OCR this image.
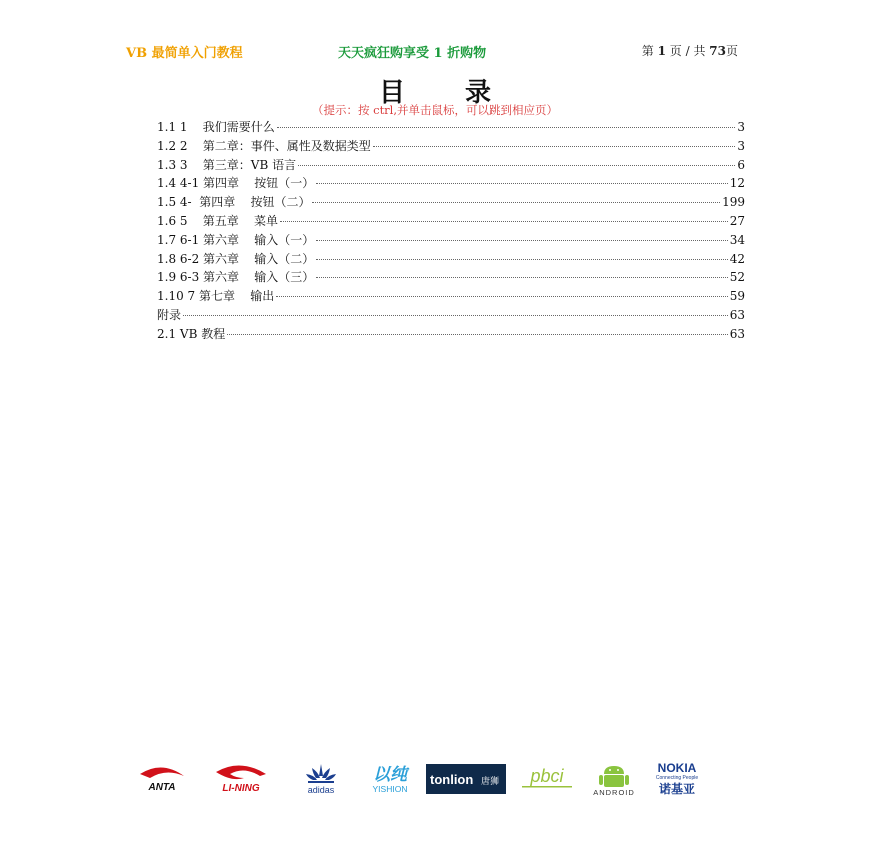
VB 最简单入门教程	天天疯狂购享受 1 折购物	第 1 页 / 共 73页
目录
（提示：按 ctrl,并单击鼠标，可以跳到相应页）
1.1 1    我们需要什么	3
1.2 2    第二章：事件、属性及数据类型	3
1.3 3    第三章：VB 语言	6
1.4 4-1 第四章    按钮（一）	12
1.5 4-  第四章    按钮（二）	199
1.6 5    第五章    菜单	27
1.7 6-1 第六章    输入（一）	34
1.8 6-2 第六章    输入（二）	42
1.9 6-3 第六章    输入（三）	52
1.10 7 第七章    输出	59
附录	63
2.1 VB 教程	63
ANTA	LI-NING	adidas
以纯
YISHION
tonlion 唐狮 pbci
ANDROID
NOKIA
Connecting People
诺基亚
